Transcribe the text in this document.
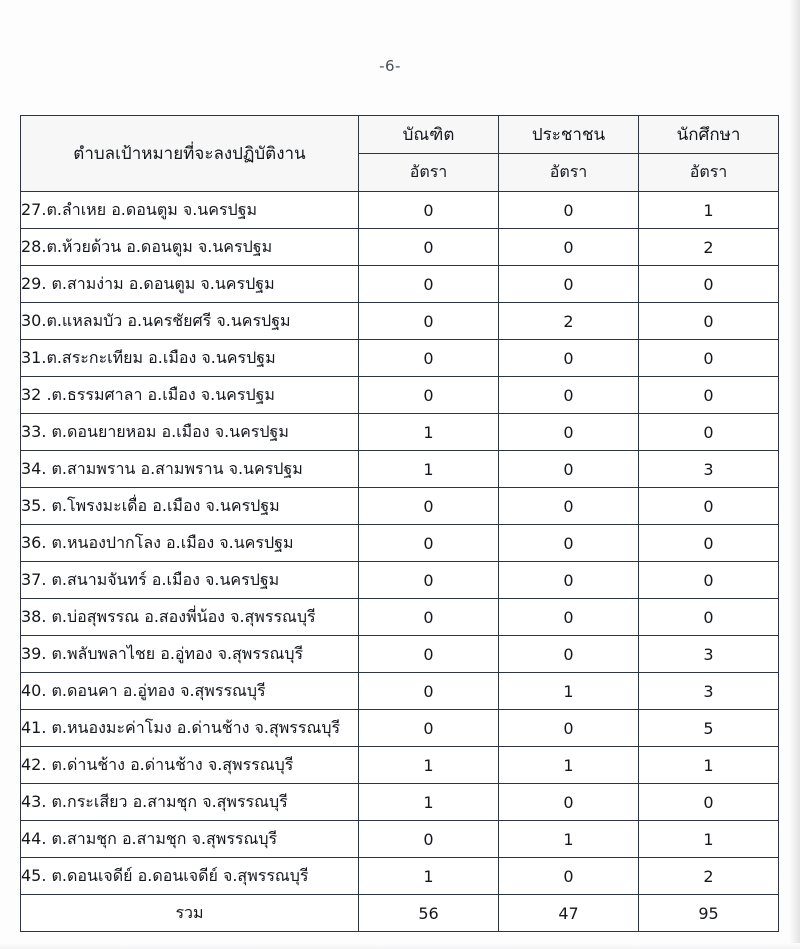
-6-
ตำบลเป้าหมายที่จะลงปฏิบัติงาน	บัณฑิต	ประชาชน	นักศึกษา
	อัตรา	อัตรา	อัตรา
27.ต.ลำเหย อ.ดอนตูม จ.นครปฐม	0	0	1
28.ต.ห้วยด้วน อ.ดอนตูม จ.นครปฐม	0	0	2
29. ต.สามง่าม อ.ดอนตูม จ.นครปฐม	0	0	0
30.ต.แหลมบัว อ.นครชัยศรี จ.นครปฐม	0	2	0
31.ต.สระกะเทียม อ.เมือง จ.นครปฐม	0	0	0
32 .ต.ธรรมศาลา อ.เมือง จ.นครปฐม	0	0	0
33. ต.ดอนยายหอม อ.เมือง จ.นครปฐม	1	0	0
34. ต.สามพราน อ.สามพราน จ.นครปฐม	1	0	3
35. ต.โพรงมะเดื่อ อ.เมือง จ.นครปฐม	0	0	0
36. ต.หนองปากโลง อ.เมือง จ.นครปฐม	0	0	0
37. ต.สนามจันทร์ อ.เมือง จ.นครปฐม	0	0	0
38. ต.บ่อสุพรรณ อ.สองพี่น้อง จ.สุพรรณบุรี	0	0	0
39. ต.พลับพลาไชย อ.อู่ทอง จ.สุพรรณบุรี	0	0	3
40. ต.ดอนคา อ.อู่ทอง จ.สุพรรณบุรี	0	1	3
41. ต.หนองมะค่าโมง อ.ด่านช้าง จ.สุพรรณบุรี	0	0	5
42. ต.ด่านช้าง อ.ด่านช้าง จ.สุพรรณบุรี	1	1	1
43. ต.กระเสียว อ.สามชุก จ.สุพรรณบุรี	1	0	0
44. ต.สามชุก อ.สามชุก จ.สุพรรณบุรี	0	1	1
45. ต.ดอนเจดีย์ อ.ดอนเจดีย์ จ.สุพรรณบุรี	1	0	2
รวม	56	47	95
